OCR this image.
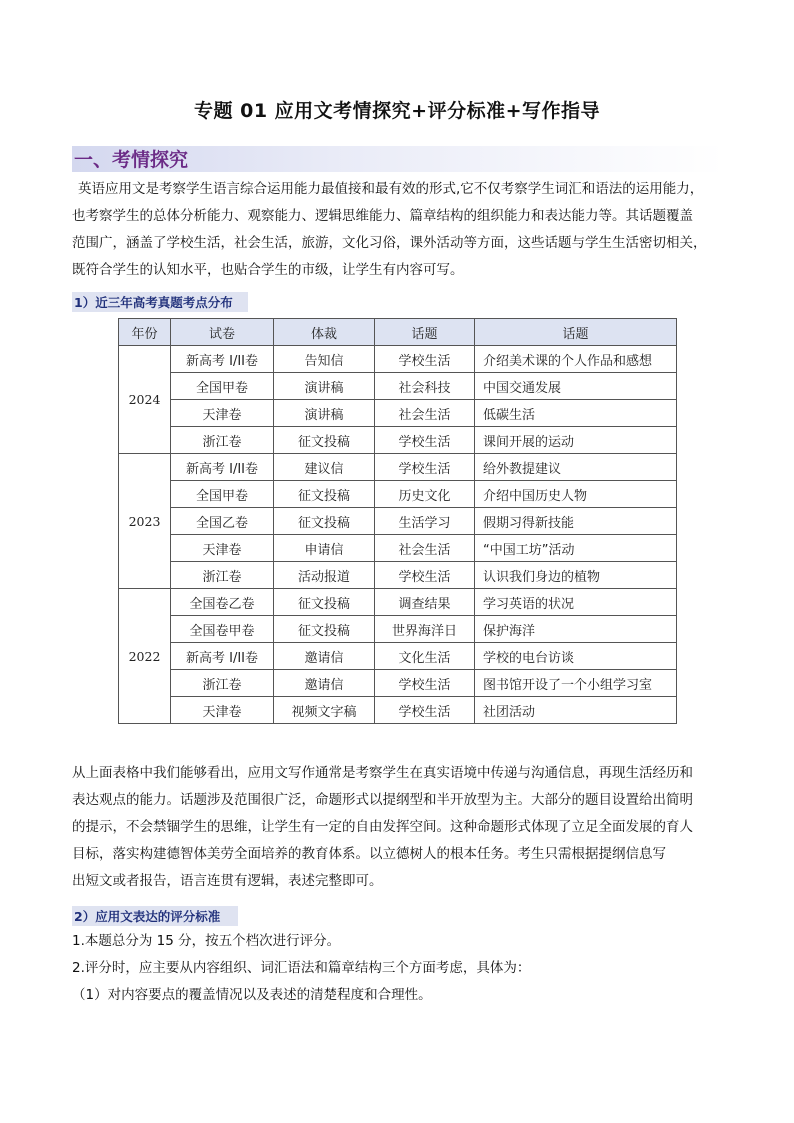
专题 01 应用文考情探究+评分标准+写作指导
一、考情探究
英语应用文是考察学生语言综合运用能力最值接和最有效的形式,它不仅考察学生词汇和语法的运用能力，
也考察学生的总体分析能力、观察能力、逻辑思维能力、篇章结构的组织能力和表达能力等。其话题覆盖
范围广，涵盖了学校生活，社会生活，旅游，文化习俗，课外活动等方面，这些话题与学生生活密切相关，
既符合学生的认知水平，也贴合学生的市级，让学生有内容可写。
1）近三年高考真题考点分布
年份	试卷	体裁	话题	话题
2024	新高考 I/II卷	告知信	学校生活	介绍美术课的个人作品和感想
	全国甲卷	演讲稿	社会科技	中国交通发展
	天津卷	演讲稿	社会生活	低碳生活
	浙江卷	征文投稿	学校生活	课间开展的运动
2023	新高考 I/II卷	建议信	学校生活	给外教提建议
	全国甲卷	征文投稿	历史文化	介绍中国历史人物
	全国乙卷	征文投稿	生活学习	假期习得新技能
	天津卷	申请信	社会生活	“中国工坊”活动
	浙江卷	活动报道	学校生活	认识我们身边的植物
2022	全国卷乙卷	征文投稿	调查结果	学习英语的状况
	全国卷甲卷	征文投稿	世界海洋日	保护海洋
	新高考 I/II卷	邀请信	文化生活	学校的电台访谈
	浙江卷	邀请信	学校生活	图书馆开设了一个小组学习室
	天津卷	视频文字稿	学校生活	社团活动
从上面表格中我们能够看出，应用文写作通常是考察学生在真实语境中传递与沟通信息，再现生活经历和
表达观点的能力。话题涉及范围很广泛，命题形式以提纲型和半开放型为主。大部分的题目设置给出简明
的提示，不会禁锢学生的思维，让学生有一定的自由发挥空间。这种命题形式体现了立足全面发展的育人
目标，落实构建德智体美劳全面培养的教育体系。以立德树人的根本任务。考生只需根据提纲信息写
出短文或者报告，语言连贯有逻辑，表述完整即可。
2）应用文表达的评分标准
1.本题总分为 15 分，按五个档次进行评分。
2.评分时，应主要从内容组织、词汇语法和篇章结构三个方面考虑，具体为：
（1）对内容要点的覆盖情况以及表述的清楚程度和合理性。
